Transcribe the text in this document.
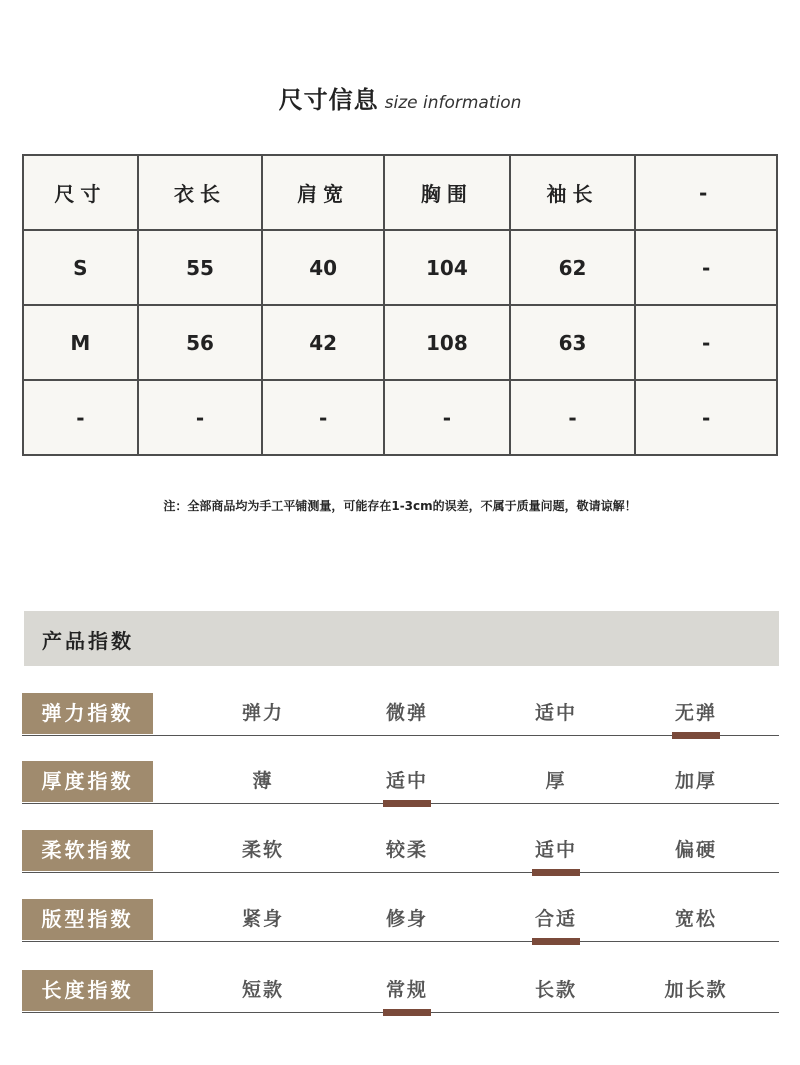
尺寸信息 size information
尺寸	衣长	肩宽	胸围	袖长	-
S	55	40	104	62	-
M	56	42	108	63	-
-	-	-	-	-	-
注：全部商品均为手工平铺测量，可能存在1-3cm的误差，不属于质量问题，敬请谅解！
产品指数
弹力指数	弹力	微弹	适中	无弹
厚度指数	薄	适中	厚	加厚
柔软指数	柔软	较柔	适中	偏硬
版型指数	紧身	修身	合适	宽松
长度指数	短款	常规	长款	加长款
